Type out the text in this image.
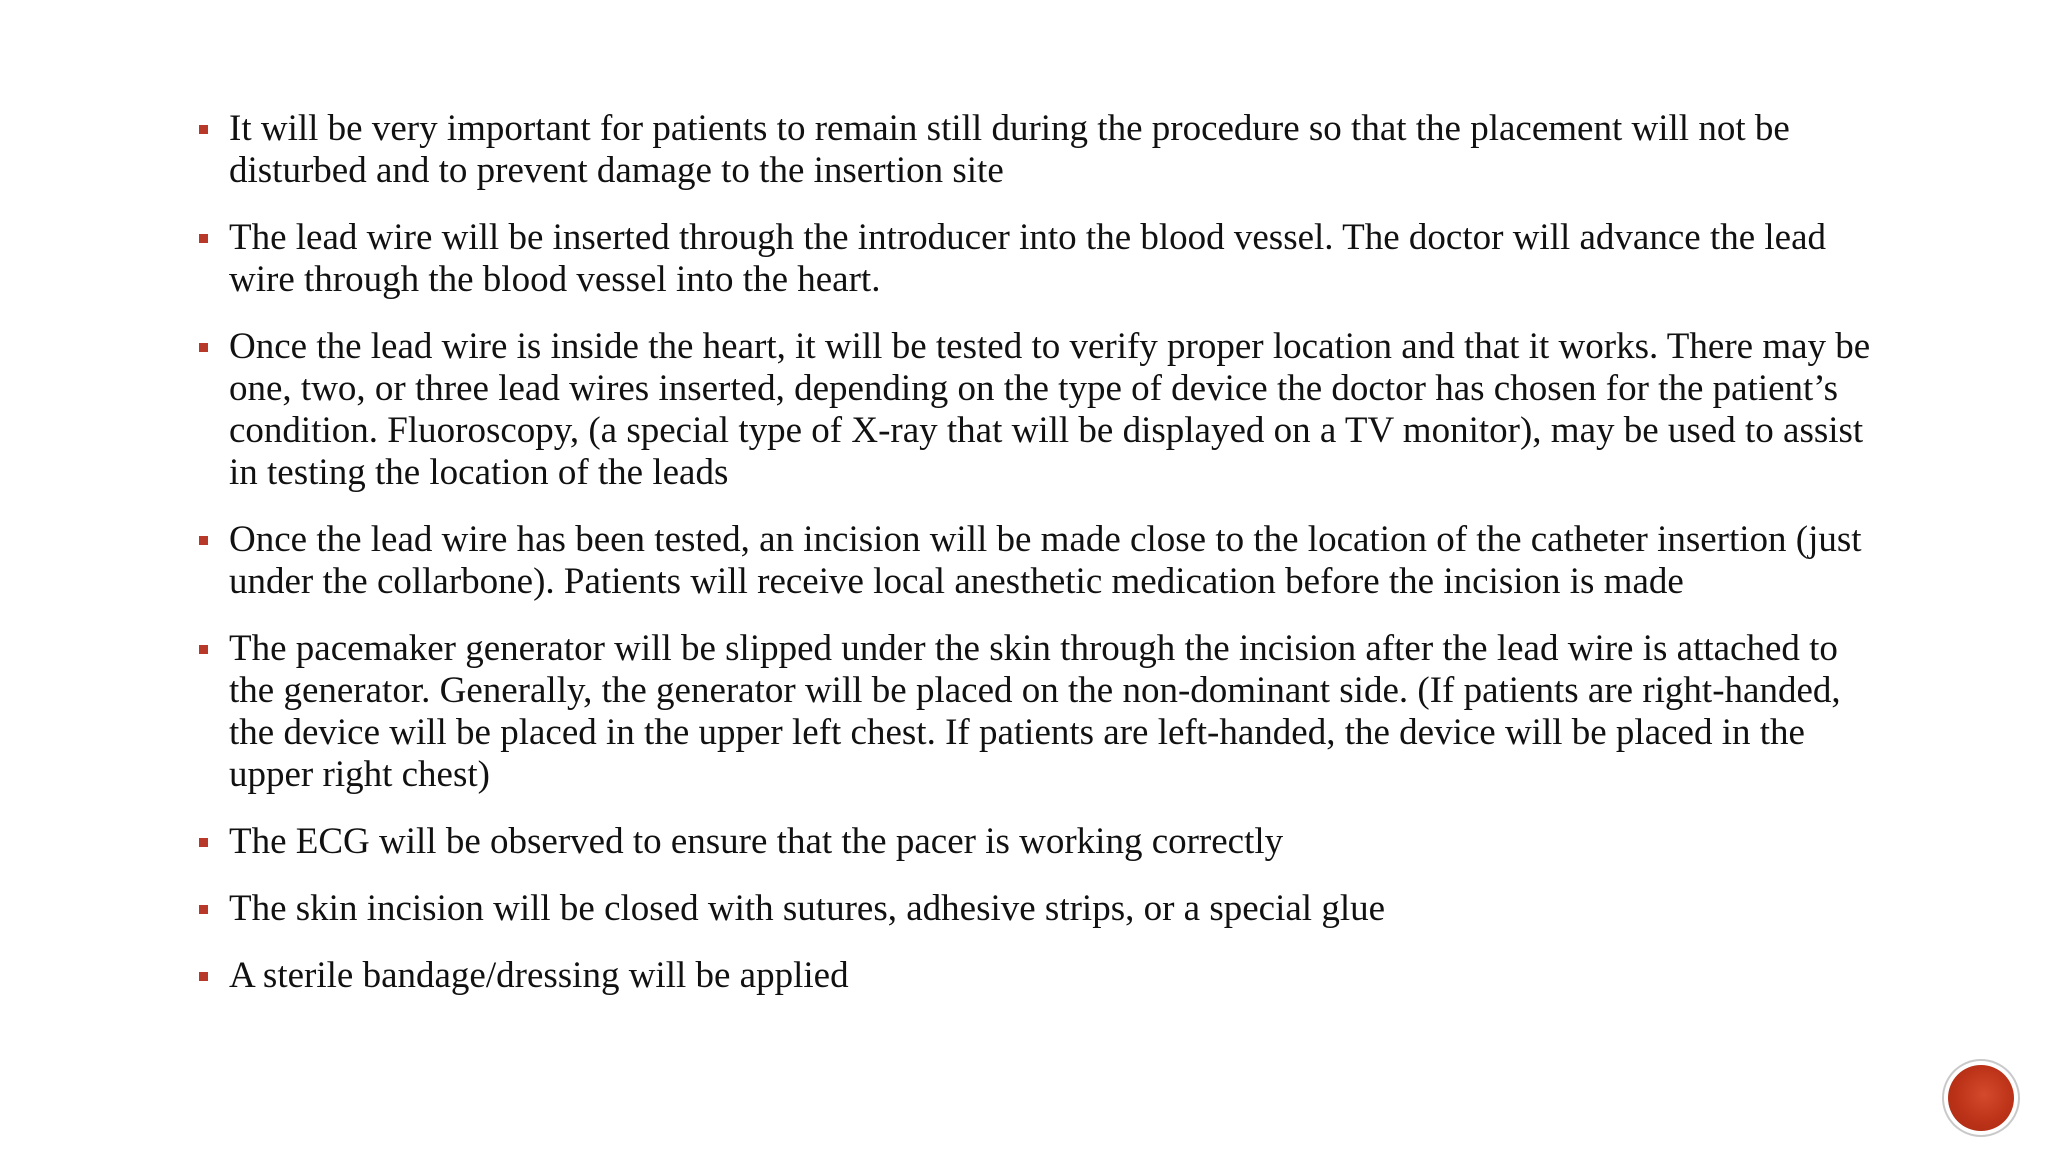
It will be very important for patients to remain still during the procedure so that the placement will not be disturbed and to prevent damage to the insertion site
The lead wire will be inserted through the introducer into the blood vessel. The doctor will advance the lead wire through the blood vessel into the heart.
Once the lead wire is inside the heart, it will be tested to verify proper location and that it works. There may be one, two, or three lead wires inserted, depending on the type of device the doctor has chosen for the patient’s condition. Fluoroscopy, (a special type of X-ray that will be displayed on a TV monitor), may be used to assist in testing the location of the leads
Once the lead wire has been tested, an incision will be made close to the location of the catheter insertion (just under the collarbone). Patients will receive local anesthetic medication before the incision is made
The pacemaker generator will be slipped under the skin through the incision after the lead wire is attached to the generator. Generally, the generator will be placed on the non-dominant side. (If patients are right-handed, the device will be placed in the upper left chest. If patients are left-handed, the device will be placed in the upper right chest)
The ECG will be observed to ensure that the pacer is working correctly
The skin incision will be closed with sutures, adhesive strips, or a special glue
A sterile bandage/dressing will be applied
